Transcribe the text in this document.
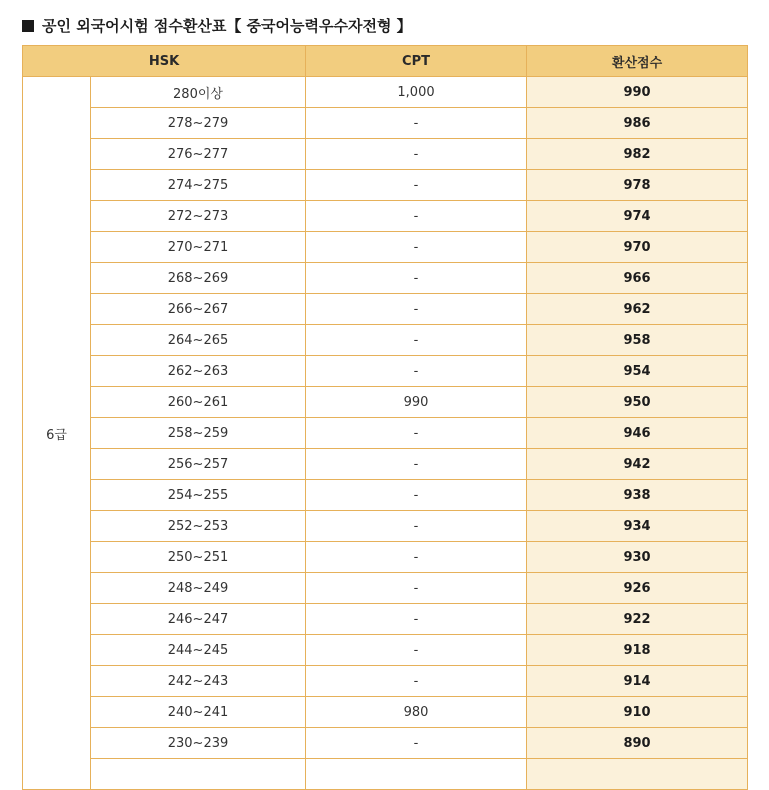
공인 외국어시험 점수환산표【 중국어능력우수자전형 】
HSK		CPT	환산점수
6급	280이상	1,000	990
	278~279	-	986
	276~277	-	982
	274~275	-	978
	272~273	-	974
	270~271	-	970
	268~269	-	966
	266~267	-	962
	264~265	-	958
	262~263	-	954
	260~261	990	950
	258~259	-	946
	256~257	-	942
	254~255	-	938
	252~253	-	934
	250~251	-	930
	248~249	-	926
	246~247	-	922
	244~245	-	918
	242~243	-	914
	240~241	980	910
	230~239	-	890
